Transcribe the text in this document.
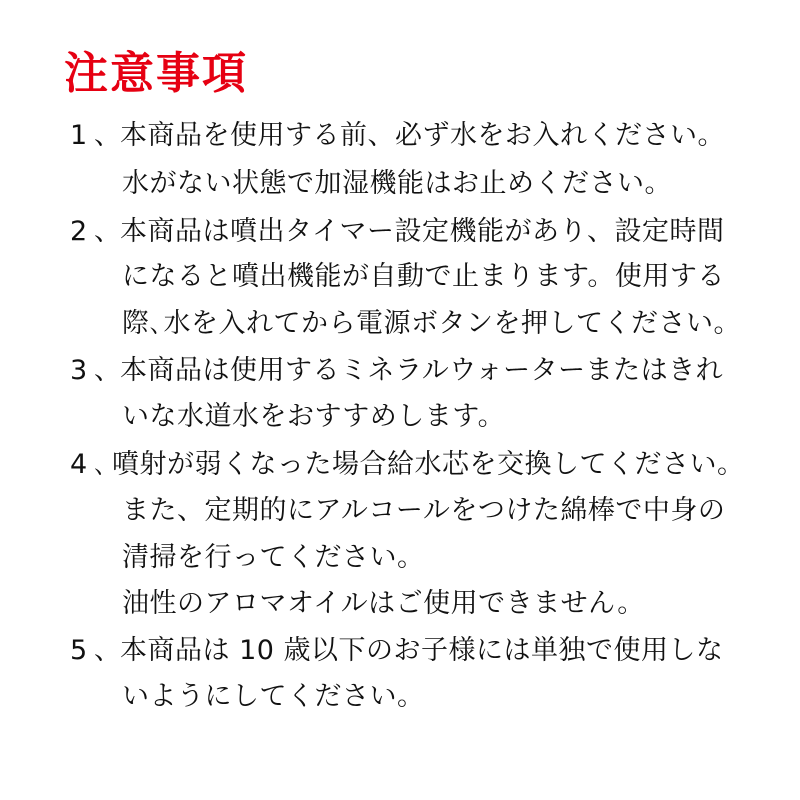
注意事項
1 、本商品を使用する前、必ず水をお入れください。
水がない状態で加湿機能はお止めください。
2 、本商品は噴出タイマー設定機能があり、設定時間
になると噴出機能が自動で止まります。使用する
際､水を入れてから電源ボタンを押してください。
3 、本商品は使用するミネラルウォーターまたはきれ
いな水道水をおすすめします。
4 ､ 噴射が弱くなった場合給水芯を交換してください。
また、定期的にアルコールをつけた綿棒で中身の
清掃を行ってください。
油性のアロマオイルはご使用できません。
5 、本商品は 10 歳以下のお子様には単独で使用しな
いようにしてください。
